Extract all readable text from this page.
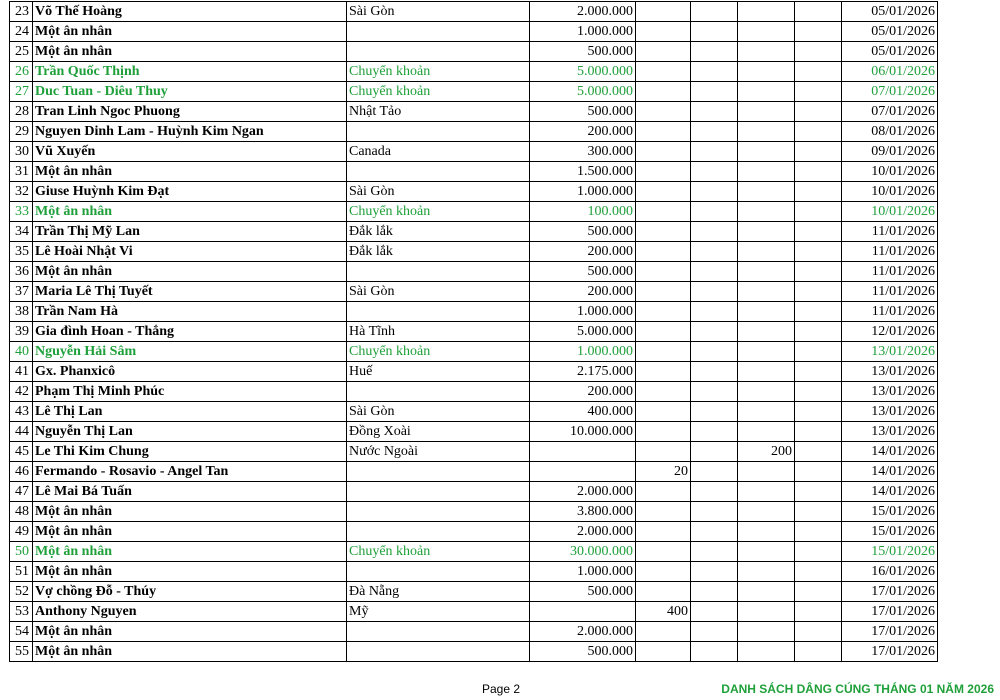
23	Võ Thế Hoàng	Sài Gòn	2.000.000					05/01/2026
24	Một ân nhân		1.000.000					05/01/2026
25	Một ân nhân		500.000					05/01/2026
26	Trần Quốc Thịnh	Chuyển khoản	5.000.000					06/01/2026
27	Duc Tuan - Diêu Thuy	Chuyển khoản	5.000.000					07/01/2026
28	Tran Linh Ngoc Phuong	Nhật Tảo	500.000					07/01/2026
29	Nguyen Dinh Lam - Huỳnh Kim Ngan		200.000					08/01/2026
30	Vũ Xuyến	Canada	300.000					09/01/2026
31	Một ân nhân		1.500.000					10/01/2026
32	Giuse Huỳnh Kim Đạt	Sài Gòn	1.000.000					10/01/2026
33	Một ân nhân	Chuyển khoản	100.000					10/01/2026
34	Trần Thị Mỹ Lan	Đắk lắk	500.000					11/01/2026
35	Lê Hoài Nhật Vi	Đắk lắk	200.000					11/01/2026
36	Một ân nhân		500.000					11/01/2026
37	Maria Lê Thị Tuyết	Sài Gòn	200.000					11/01/2026
38	Trần Nam Hà		1.000.000					11/01/2026
39	Gia đình Hoan - Thắng	Hà Tĩnh	5.000.000					12/01/2026
40	Nguyễn Hải Sâm	Chuyển khoản	1.000.000					13/01/2026
41	Gx. Phanxicô	Huế	2.175.000					13/01/2026
42	Phạm Thị Minh Phúc		200.000					13/01/2026
43	Lê Thị Lan	Sài Gòn	400.000					13/01/2026
44	Nguyễn Thị Lan	Đồng Xoài	10.000.000					13/01/2026
45	Le Thi Kim Chung	Nước Ngoài				200		14/01/2026
46	Fermando - Rosavio - Angel Tan			20				14/01/2026
47	Lê Mai Bá Tuấn		2.000.000					14/01/2026
48	Một ân nhân		3.800.000					15/01/2026
49	Một ân nhân		2.000.000					15/01/2026
50	Một ân nhân	Chuyển khoản	30.000.000					15/01/2026
51	Một ân nhân		1.000.000					16/01/2026
52	Vợ chồng Đỗ - Thúy	Đà Nẵng	500.000					17/01/2026
53	Anthony Nguyen	Mỹ		400				17/01/2026
54	Một ân nhân		2.000.000					17/01/2026
55	Một ân nhân		500.000					17/01/2026
Page 2	DANH SÁCH DÂNG CÚNG THÁNG 01 NĂM 2026
